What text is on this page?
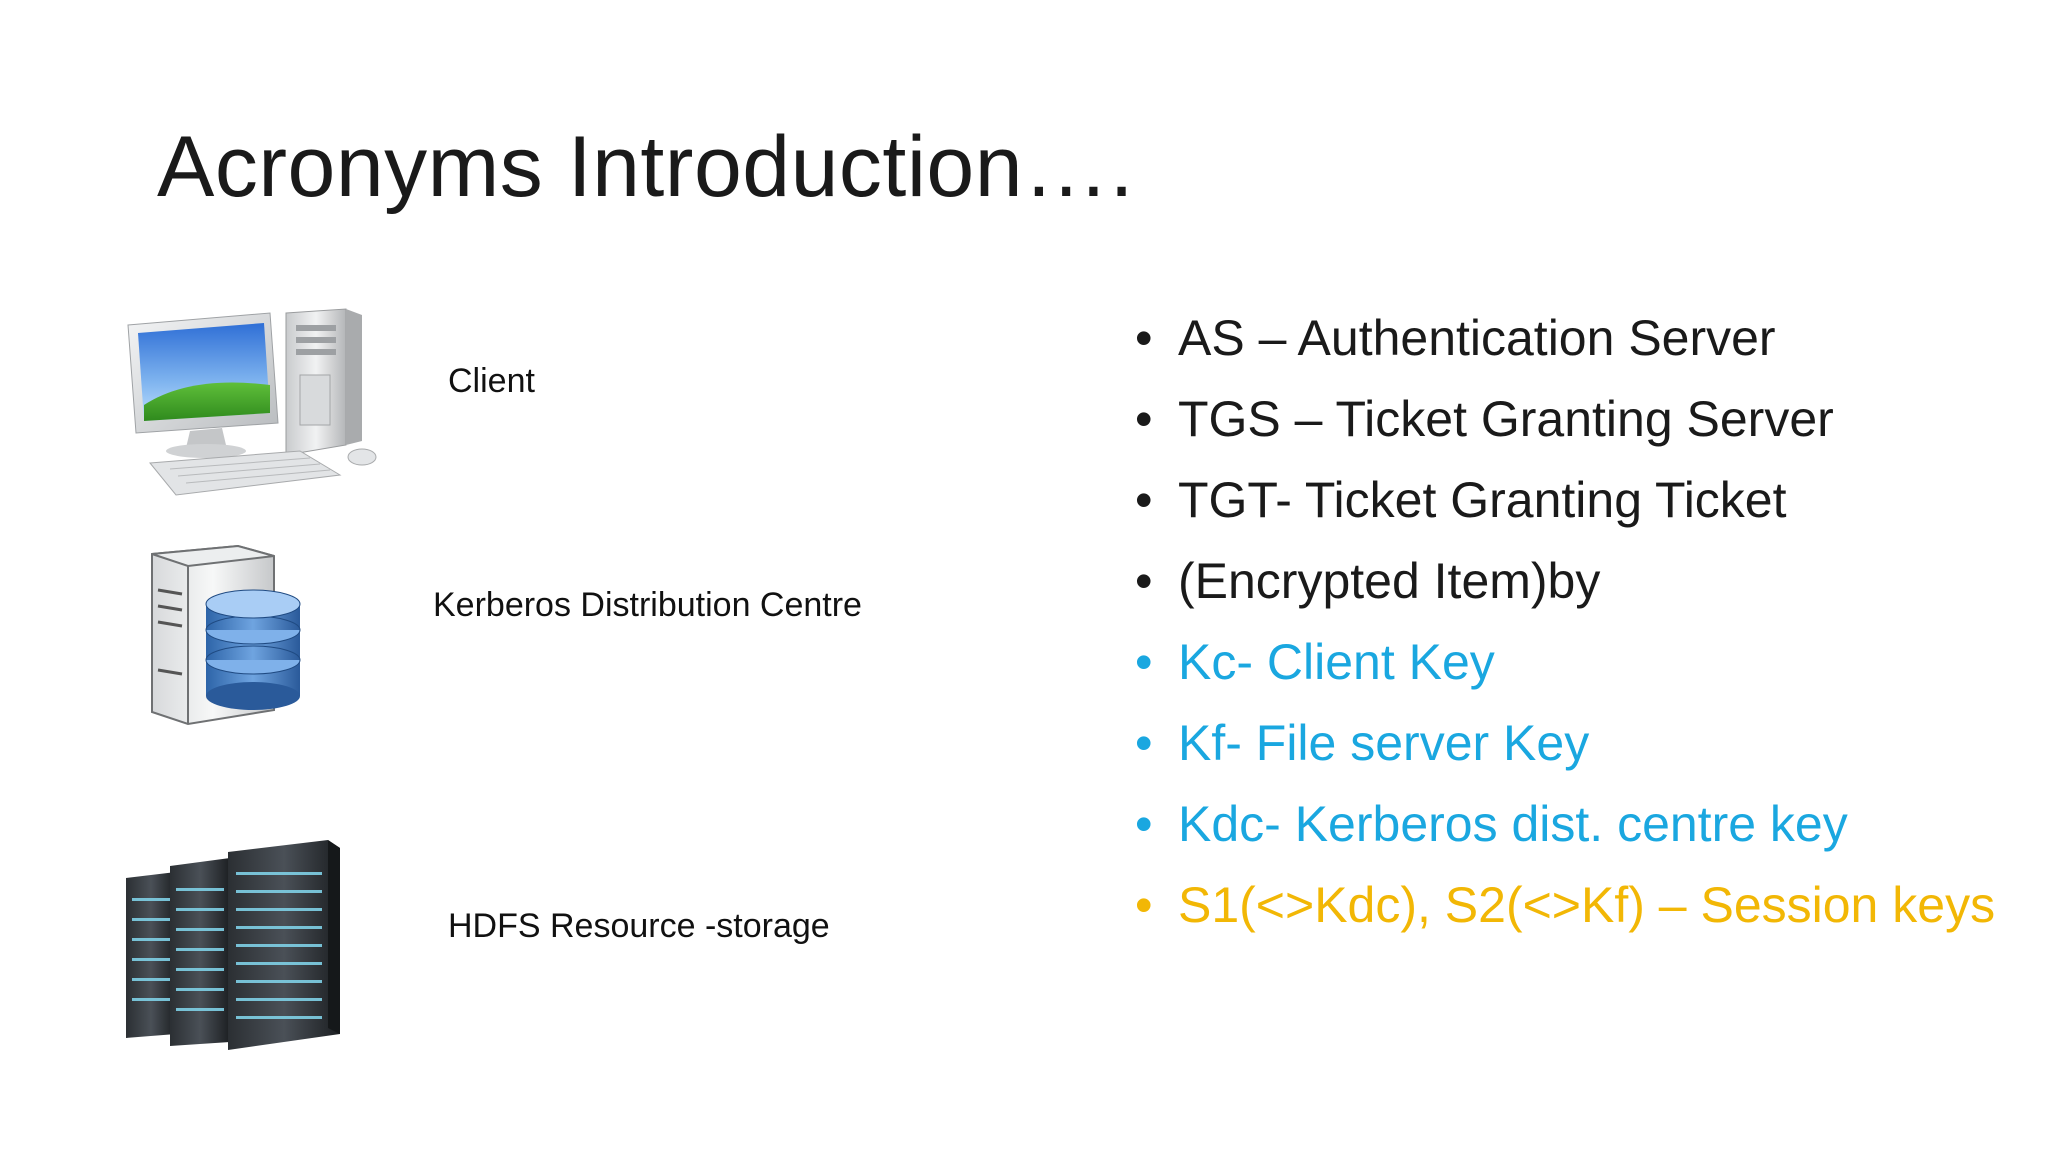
Acronyms Introduction….
Client
Kerberos Distribution Centre
HDFS Resource -storage
• AS – Authentication Server
• TGS – Ticket Granting Server
• TGT- Ticket Granting Ticket
• (Encrypted Item)by
• Kc- Client Key
• Kf- File server Key
• Kdc- Kerberos dist. centre key
• S1(<>Kdc), S2(<>Kf) – Session keys
